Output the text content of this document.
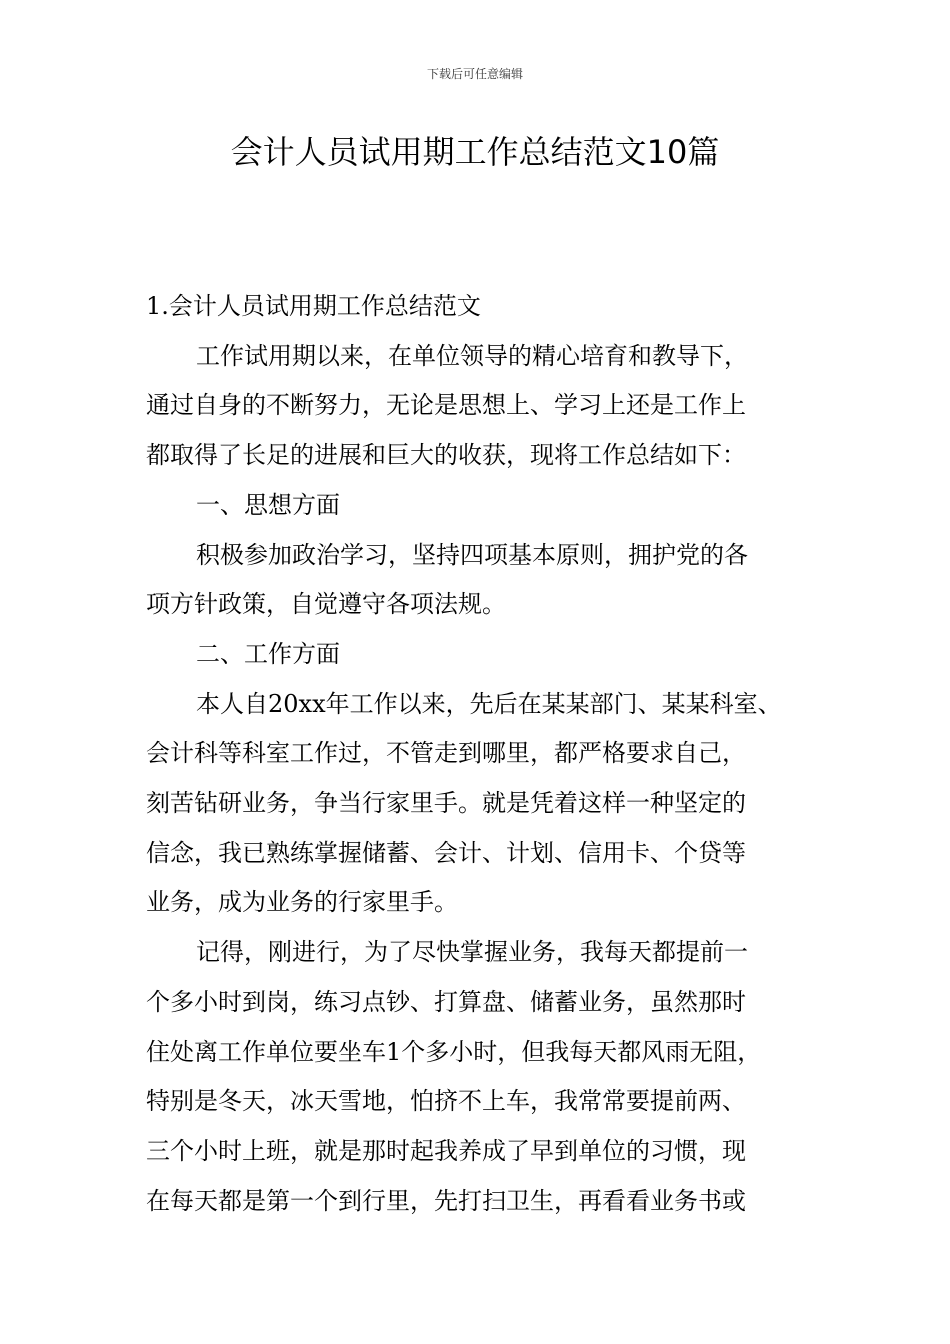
下载后可任意编辑
会计人员试用期工作总结范文10篇

1.会计人员试用期工作总结范文

工作试用期以来，在单位领导的精心培育和教导下，

通过自身的不断努力，无论是思想上、学习上还是工作上

都取得了长足的进展和巨大的收获，现将工作总结如下：

一、思想方面

积极参加政治学习，坚持四项基本原则，拥护党的各

项方针政策，自觉遵守各项法规。

二、工作方面

本人自20xx年工作以来，先后在某某部门、某某科室、

会计科等科室工作过，不管走到哪里，都严格要求自己，

刻苦钻研业务，争当行家里手。就是凭着这样一种坚定的

信念，我已熟练掌握储蓄、会计、计划、信用卡、个贷等

业务，成为业务的行家里手。

记得，刚进行，为了尽快掌握业务，我每天都提前一

个多小时到岗，练习点钞、打算盘、储蓄业务，虽然那时

住处离工作单位要坐车1个多小时，但我每天都风雨无阻，

特别是冬天，冰天雪地，怕挤不上车，我常常要提前两、

三个小时上班，就是那时起我养成了早到单位的习惯，现

在每天都是第一个到行里，先打扫卫生，再看看业务书或
